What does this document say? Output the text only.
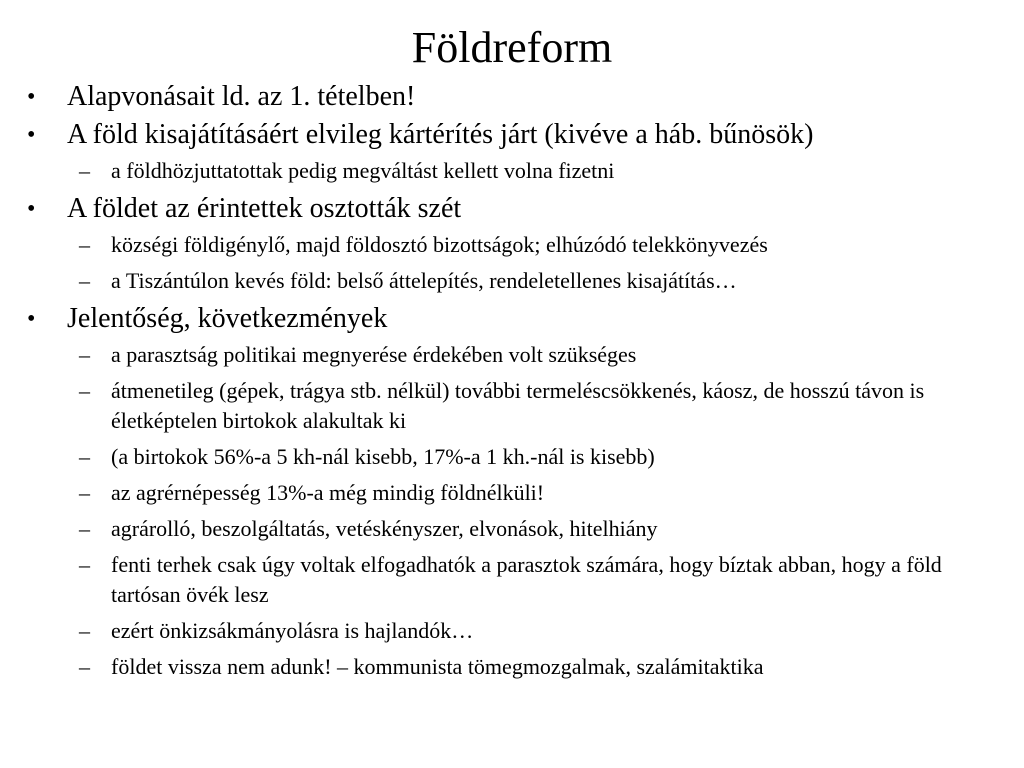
Földreform
• Alapvonásait ld. az 1. tételben!
• A föld kisajátításáért elvileg kártérítés járt (kivéve a háb. bűnösök)
– a földhözjuttatottak pedig megváltást kellett volna fizetni
• A földet az érintettek osztották szét
– községi földigénylő, majd földosztó bizottságok; elhúzódó telekkönyvezés
– a Tiszántúlon kevés föld: belső áttelepítés, rendeletellenes kisajátítás…
• Jelentőség, következmények
– a parasztság politikai megnyerése érdekében volt szükséges
– átmenetileg (gépek, trágya stb. nélkül) további termeléscsökkenés, káosz, de hosszú távon is életképtelen birtokok alakultak ki
– (a birtokok 56%-a 5 kh-nál kisebb, 17%-a 1 kh.-nál is kisebb)
– az agrérnépesség 13%-a még mindig földnélküli!
– agrárolló, beszolgáltatás, vetéskényszer, elvonások, hitelhiány
– fenti terhek csak úgy voltak elfogadhatók a parasztok számára, hogy bíztak abban, hogy a föld tartósan övék lesz
– ezért önkizsákmányolásra is hajlandók…
– földet vissza nem adunk! – kommunista tömegmozgalmak, szalámitaktika
